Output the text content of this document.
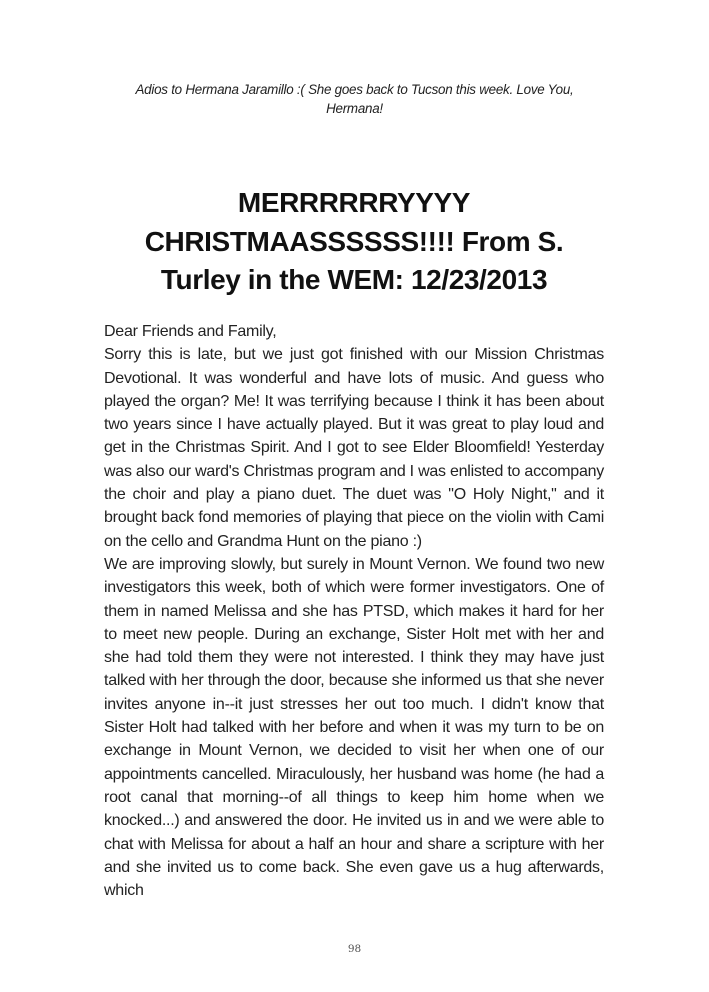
Adios to Hermana Jaramillo :( She goes back to Tucson this week. Love You, Hermana!

MERRRRRRYYYY CHRISTMAASSSSSS!!!! From S. Turley in the WEM: 12/23/2013

Dear Friends and Family,

Sorry this is late, but we just got finished with our Mission Christmas Devotional. It was wonderful and have lots of music. And guess who played the organ? Me! It was terrifying because I think it has been about two years since I have actually played. But it was great to play loud and get in the Christmas Spirit. And I got to see Elder Bloomfield! Yesterday was also our ward's Christmas program and I was enlisted to accompany the choir and play a piano duet. The duet was "O Holy Night," and it brought back fond memories of playing that piece on the violin with Cami on the cello and Grandma Hunt on the piano :)

We are improving slowly, but surely in Mount Vernon. We found two new investigators this week, both of which were former investigators. One of them in named Melissa and she has PTSD, which makes it hard for her to meet new people. During an exchange, Sister Holt met with her and she had told them they were not interested. I think they may have just talked with her through the door, because she informed us that she never invites anyone in--it just stresses her out too much. I didn't know that Sister Holt had talked with her before and when it was my turn to be on exchange in Mount Vernon, we decided to visit her when one of our appointments cancelled. Miraculously, her husband was home (he had a root canal that morning--of all things to keep him home when we knocked...) and answered the door. He invited us in and we were able to chat with Melissa for about a half an hour and share a scripture with her and she invited us to come back. She even gave us a hug afterwards, which

98
